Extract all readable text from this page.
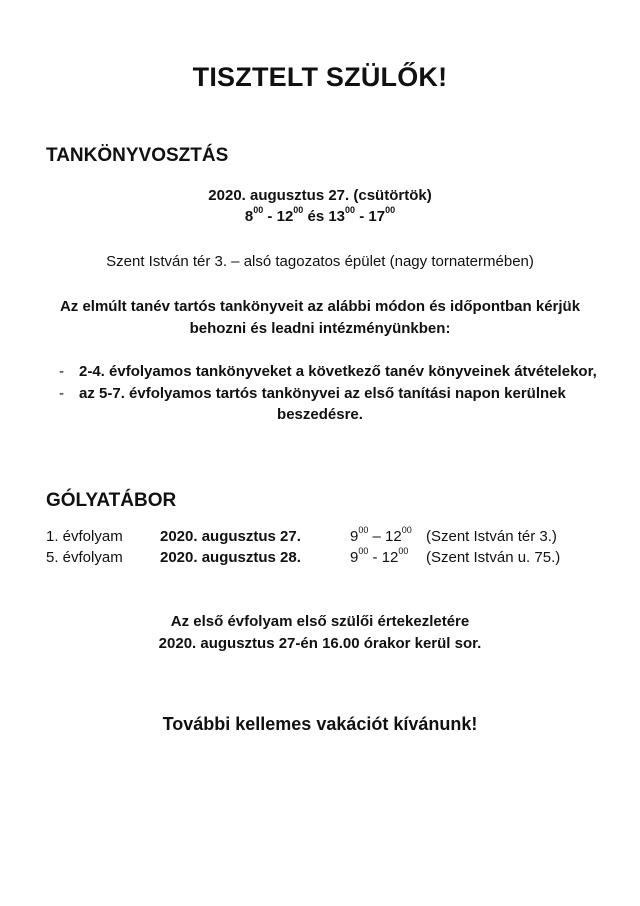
TISZTELT SZÜLŐK!
TANKÖNYVOSZTÁS
2020. augusztus 27. (csütörtök)
$8^{00} - 12^{00}$ és $13^{00} - 17^{00}$
Szent István tér 3. – alsó tagozatos épület (nagy tornatermében)
Az elmúlt tanév tartós tankönyveit az alábbi módon és időpontban kérjük
behozni és leadni intézményünkben:
- 2-4. évfolyamos tankönyveket a következő tanév könyveinek átvételekor,
- az 5-7. évfolyamos tartós tankönyvei az első tanítási napon kerülnek
beszedésre.
GÓLYATÁBOR
1. évfolyam 2020. augusztus 27.	$9^{00} - 12^{00}$ (Szent István tér 3.)
5. évfolyam 2020. augusztus 28.	$9^{00} - 12^{00}$ (Szent István u. 75.)
Az első évfolyam első szülői értekezletére
2020. augusztus 27-én 16.00 órakor kerül sor.
További kellemes vakációt kívánunk!
